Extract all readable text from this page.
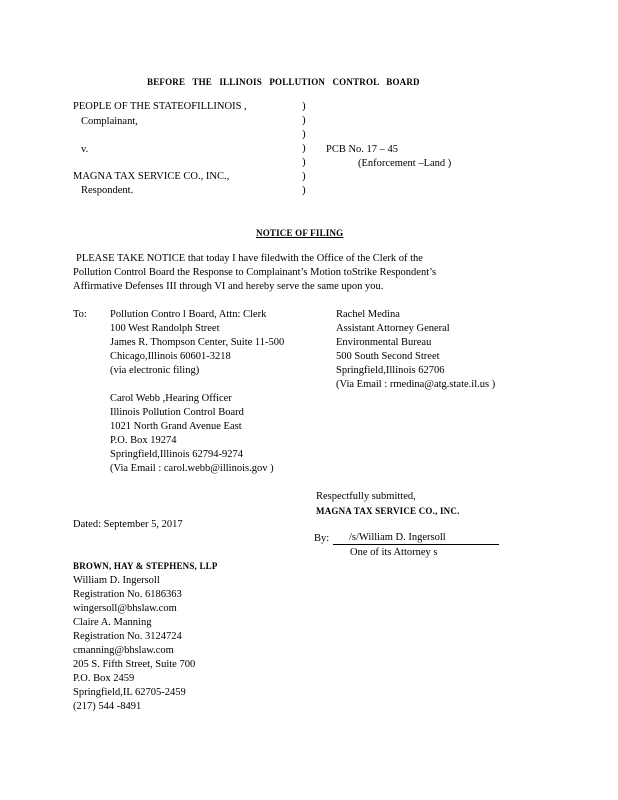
BEFORE   THE   ILLINOIS   POLLUTION   CONTROL   BOARD
PEOPLE OF THE STATEOFILLINOIS ,
Complainant,
v.
MAGNA TAX SERVICE CO., INC.,
Respondent.
)
)
)
)
)
)
)
PCB No. 17 – 45
(Enforcement –Land )
NOTICE OF FILING
PLEASE TAKE NOTICE that today I have filedwith the Office of the Clerk of the
Pollution Control Board the Response to Complainant’s Motion toStrike Respondent’s
Affirmative Defenses III through VI and hereby serve the same upon you.
To: Pollution Contro l Board, Attn: Clerk
100 West Randolph Street
James R. Thompson Center, Suite 11-500
Chicago,Illinois 60601-3218
(via electronic filing)
Rachel Medina
Assistant Attorney General
Environmental Bureau
500 South Second Street
Springfield,Illinois 62706
(Via Email : rmedina@atg.state.il.us )
Carol Webb ,Hearing Officer
Illinois Pollution Control Board
1021 North Grand Avenue East
P.O. Box 19274
Springfield,Illinois 62794-9274
(Via Email : carol.webb@illinois.gov )
Respectfully submitted,
MAGNA TAX SERVICE CO., INC.
Dated: September 5, 2017
By:	/s/William D. Ingersoll
One of its Attorney s
BROWN, HAY & STEPHENS, LLP
William D. Ingersoll
Registration No. 6186363
wingersoll@bhslaw.com
Claire A. Manning
Registration No. 3124724
cmanning@bhslaw.com
205 S. Fifth Street, Suite 700
P.O. Box 2459
Springfield,IL 62705-2459
(217) 544 -8491
